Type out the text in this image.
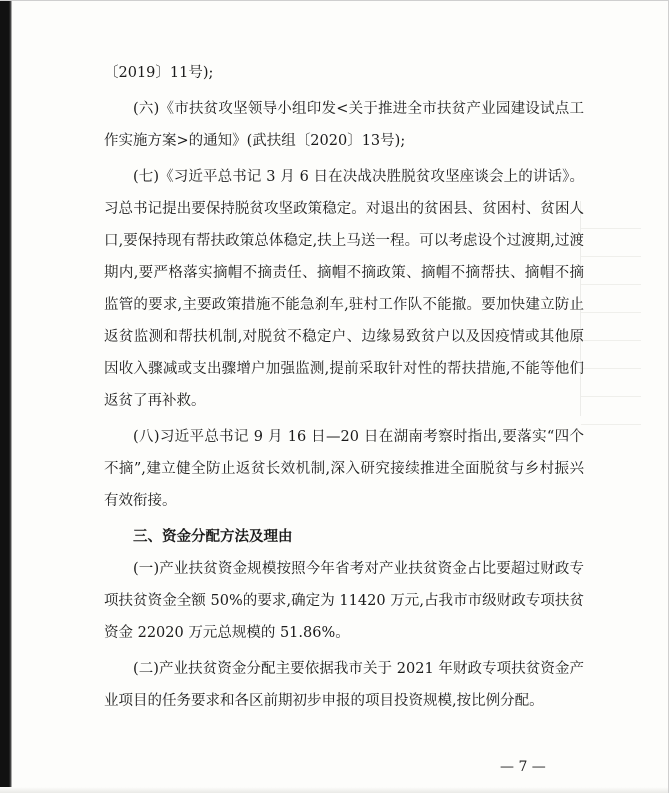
〔2019〕11号);

(六)《市扶贫攻坚领导小组印发<关于推进全市扶贫产业园建设试点工作实施方案>的通知》(武扶组〔2020〕13号);

(七)《习近平总书记 3 月 6 日在决战决胜脱贫攻坚座谈会上的讲话》。习总书记提出要保持脱贫攻坚政策稳定。对退出的贫困县、贫困村、贫困人口,要保持现有帮扶政策总体稳定,扶上马送一程。可以考虑设个过渡期,过渡期内,要严格落实摘帽不摘责任、摘帽不摘政策、摘帽不摘帮扶、摘帽不摘监管的要求,主要政策措施不能急刹车,驻村工作队不能撤。要加快建立防止返贫监测和帮扶机制,对脱贫不稳定户、边缘易致贫户以及因疫情或其他原因收入骤减或支出骤增户加强监测,提前采取针对性的帮扶措施,不能等他们返贫了再补救。

(八)习近平总书记 9 月 16 日—20 日在湖南考察时指出,要落实“四个不摘”,建立健全防止返贫长效机制,深入研究接续推进全面脱贫与乡村振兴有效衔接。

三、资金分配方法及理由

(一)产业扶贫资金规模按照今年省考对产业扶贫资金占比要超过财政专项扶贫资金全额 50%的要求,确定为 11420 万元,占我市市级财政专项扶贫资金 22020 万元总规模的 51.86%。

(二)产业扶贫资金分配主要依据我市关于 2021 年财政专项扶贫资金产业项目的任务要求和各区前期初步申报的项目投资规模,按比例分配。

— 7 —
